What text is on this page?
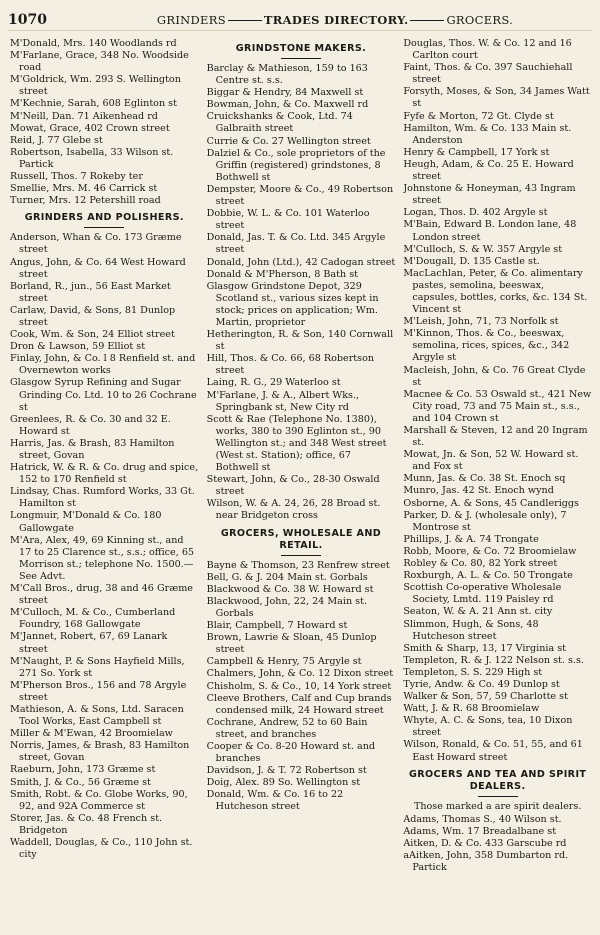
1070	GRINDERS	TRADES DIRECTORY.	GROCERS.
M'Donald, Mrs. 140 Woodlands rd
M'Farlane, Grace, 348 No. Woodside road
M'Goldrick, Wm. 293 S. Wellington street
M'Kechnie, Sarah, 608 Eglinton st
M'Neill, Dan. 71 Aikenhead rd
Mowat, Grace, 402 Crown street
Reid, J. 77 Glebe st
Robertson, Isabella, 33 Wilson st. Partick
Russell, Thos. 7 Rokeby ter
Smellie, Mrs. M. 46 Carrick st
Turner, Mrs. 12 Petershill road
GRINDERS AND POLISHERS.
Anderson, Whan & Co. 173 Græme street
Angus, John, & Co. 64 West Howard street
Borland, R., jun., 56 East Market street
Carlaw, David, & Sons, 81 Dunlop street
Cook, Wm. & Son, 24 Elliot street
Dron & Lawson, 59 Elliot st
Finlay, John, & Co. l 8 Renfield st. and Overnewton works
Glasgow Syrup Refining and Sugar Grinding Co. Ltd. 10 to 26 Cochrane st
Greenlees, R. & Co. 30 and 32 E. Howard st
Harris, Jas. & Brash, 83 Hamilton street, Govan
Hatrick, W. & R. & Co. drug and spice, 152 to 170 Renfield st
Lindsay, Chas. Rumford Works, 33 Gt. Hamilton st
Longmuir, M'Donald & Co. 180 Gallowgate
M'Ara, Alex, 49, 69 Kinning st., and 17 to 25 Clarence st., s.s.; office, 65 Morrison st.; telephone No. 1500.—See Advt.
M'Call Bros., drug, 38 and 46 Græme street
M'Culloch, M. & Co., Cumberland Foundry, 168 Gallowgate
M'Jannet, Robert, 67, 69 Lanark street
M'Naught, P. & Sons Hayfield Mills, 271 So. York st
M'Pherson Bros., 156 and 78 Argyle street
Mathieson, A. & Sons, Ltd. Saracen Tool Works, East Campbell st
Miller & M'Ewan, 42 Broomielaw
Norris, James, & Brash, 83 Hamilton street, Govan
Raeburn, John, 173 Græme st
Smith, J. & Co., 56 Græme st
Smith, Robt. & Co. Globe Works, 90, 92, and 92A Commerce st
Storer, Jas. & Co. 48 French st. Bridgeton
Waddell, Douglas, & Co., 110 John st. city
GRINDSTONE MAKERS.
Barclay & Mathieson, 159 to 163 Centre st. s.s.
Biggar & Hendry, 84 Maxwell st
Bowman, John, & Co. Maxwell rd
Cruickshanks & Cook, Ltd. 74 Galbraith street
Currie & Co. 27 Wellington street
Dalziel & Co., sole proprietors of the Griffin (registered) grindstones, 8 Bothwell st
Dempster, Moore & Co., 49 Robertson street
Dobbie, W. L. & Co. 101 Waterloo street
Donald, Jas. T. & Co. Ltd. 345 Argyle street
Donald, John (Ltd.), 42 Cadogan street
Donald & M'Pherson, 8 Bath st
Glasgow Grindstone Depot, 329 Scotland st., various sizes kept in stock; prices on application; Wm. Martin, proprietor
Hetherington, R. & Son, 140 Cornwall st
Hill, Thos. & Co. 66, 68 Robertson street
Laing, R. G., 29 Waterloo st
M'Farlane, J. & A., Albert Wks., Springbank st, New City rd
Scott & Rae (Telephone No. 1380), works, 380 to 390 Eglinton st., 90 Wellington st.; and 348 West street (West st. Station); office, 67 Bothwell st
Stewart, John, & Co., 28-30 Oswald street
Wilson, W. & A. 24, 26, 28 Broad st. near Bridgeton cross
GROCERS, WHOLESALE AND RETAIL.
Bayne & Thomson, 23 Renfrew street
Bell, G. & J. 204 Main st. Gorbals
Blackwood & Co. 38 W. Howard st
Blackwood, John, 22, 24 Main st. Gorbals
Blair, Campbell, 7 Howard st
Brown, Lawrie & Sloan, 45 Dunlop street
Campbell & Henry, 75 Argyle st
Chalmers, John, & Co. 12 Dixon street
Chisholm, S. & Co., 10, 14 York street
Cleeve Brothers, Calf and Cup brands condensed milk, 24 Howard street
Cochrane, Andrew, 52 to 60 Bain street, and branches
Cooper & Co. 8-20 Howard st. and branches
Davidson, J. & T. 72 Robertson st
Doig, Alex. 89 So. Wellington st
Donald, Wm. & Co. 16 to 22 Hutcheson street
Douglas, Thos. W. & Co. 12 and 16 Carlton court
Faint, Thos. & Co. 397 Sauchiehall street
Forsyth, Moses, & Son, 34 James Watt st
Fyfe & Morton, 72 Gt. Clyde st
Hamilton, Wm. & Co. 133 Main st. Anderston
Henry & Campbell, 17 York st
Heugh, Adam, & Co. 25 E. Howard street
Johnstone & Honeyman, 43 Ingram street
Logan, Thos. D. 402 Argyle st
M'Bain, Edward B. London lane, 48 London street
M'Culloch, S. & W. 357 Argyle st
M'Dougall, D. 135 Castle st.
MacLachlan, Peter, & Co. alimentary pastes, semolina, beeswax, capsules, bottles, corks, &c. 134 St. Vincent st
M'Leish, John, 71, 73 Norfolk st
M'Kinnon, Thos. & Co., beeswax, semolina, rices, spices, &c., 342 Argyle st
Macleish, John, & Co. 76 Great Clyde st
Macnee & Co. 53 Oswald st., 421 New City road, 73 and 75 Main st., s.s., and 104 Crown st
Marshall & Steven, 12 and 20 Ingram st.
Mowat, Jn. & Son, 52 W. Howard st. and Fox st
Munn, Jas. & Co. 38 St. Enoch sq
Munro, Jas. 42 St. Enoch wynd
Osborne, A. & Sons, 45 Candleriggs
Parker, D. & J. (wholesale only), 7 Montrose st
Phillips, J. & A. 74 Trongate
Robb, Moore, & Co. 72 Broomielaw
Robley & Co. 80, 82 York street
Roxburgh, A. L. & Co. 50 Trongate
Scottish Co-operative Wholesale Society, Lmtd. 119 Paisley rd
Seaton, W. & A. 21 Ann st. city
Slimmon, Hugh, & Sons, 48 Hutcheson street
Smith & Sharp, 13, 17 Virginia st
Templeton, R. & J. 122 Nelson st. s.s.
Templeton, S. S. 229 High st
Tyrie, Andw. & Co. 49 Dunlop st
Walker & Son, 57, 59 Charlotte st
Watt, J. & R. 68 Broomielaw
Whyte, A. C. & Sons, tea, 10 Dixon street
Wilson, Ronald, & Co. 51, 55, and 61 East Howard street
GROCERS AND TEA AND SPIRIT DEALERS.
Those marked a are spirit dealers.
Adams, Thomas S., 40 Wilson st.
Adams, Wm. 17 Breadalbane st
Aitken, D. & Co. 433 Garscube rd
aAitken, John, 358 Dumbarton rd. Partick
